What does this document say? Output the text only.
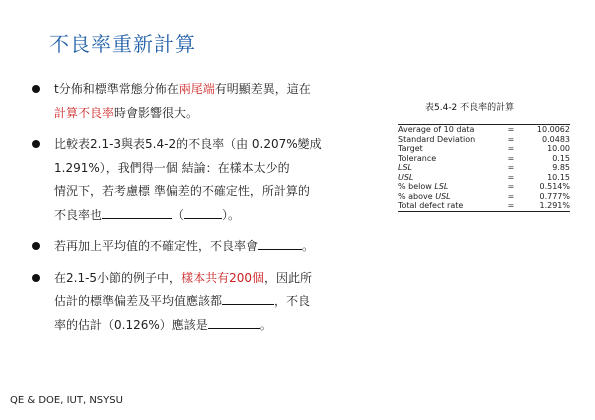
不良率重新計算
t分佈和標準常態分佈在兩尾端有明顯差異，這在
計算不良率時會影響很大。
比較表2.1-3與表5.4-2的不良率（由 0.207%變成
1.291%），我們得一個 結論：在樣本太少的
情況下，若考慮標 準偏差的不確定性，所計算的
不良率也	（	）。
若再加上平均值的不確定性，不良率會	。
在2.1-5小節的例子中，樣本共有200個，因此所
估計的標準偏差及平均值應該都	，不良
率的估計（0.126%）應該是	。
表5.4-2 不良率的計算
Average of 10 data	=	10.0062
Standard Deviation	=	0.0483
Target	=	10.00
Tolerance	=	0.15
LSL	=	9.85
USL	=	10.15
% below LSL	=	0.514%
% above USL	=	0.777%
Total defect rate	=	1.291%
QE & DOE, IUT, NSYSU
